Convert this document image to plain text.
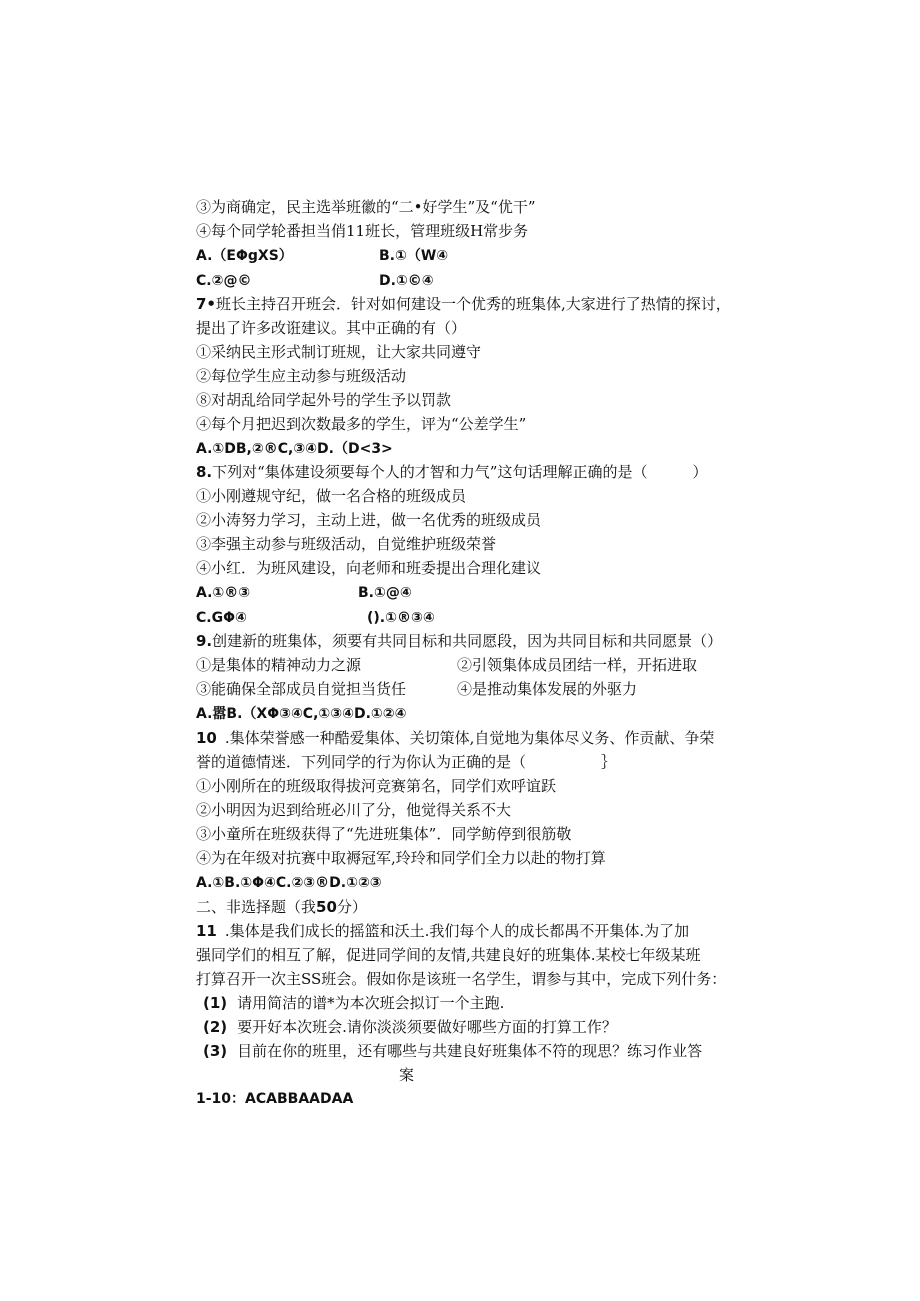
③为商确定，民主选举班徽的“二•好学生”及“优干”
④每个同学轮番担当俏11班长，管理班级H常步务
A.（EΦgXS）	B.①（W④
C.②@©	D.①©④
7•班长主持召开班会．针对如何建设一个优秀的班集体,大家进行了热情的探讨，
提出了许多改诳建议。其中正确的有（）
①采纳民主形式制订班规，让大家共同遵守
②每位学生应主动参与班级活动
⑧对胡乱给同学起外号的学生予以罚款
④每个月把迟到次数最多的学生，评为“公差学生”
A.①DB,②®C,③④D.（D<3>
8.下列对“集体建设须要每个人的才智和力气”这句话理解正确的是（　　　）
①小刚遵规守纪，做一名合格的班级成员
②小涛努力学习，主动上进，做一名优秀的班级成员
③李强主动参与班级活动，自觉维护班级荣誉
④小红．为班风建设，向老师和班委提出合理化建议
A.①®③	B.①@④
C.GΦ④	().①®③④
9.创建新的班集体，须要有共同目标和共同愿段，因为共同目标和共同愿景（）
①是集体的精神动力之源	②引领集体成员团结一样，开拓进取
③能确保全部成员自觉担当货任	④是推动集体发展的外驱力
A.嚣B.（XΦ③④C,①③④D.①②④
10 .集体荣誉感一种酷爱集体、关切策体,自觉地为集体尽义务、作贡献、争荣
誉的道德情迷．下列同学的行为你认为正确的是（　　　　　｝
①小刚所在的班级取得拔河竞赛第名，同学们欢呼谊跃
②小明因为迟到给班必川了分，他觉得关系不大
③小童所在班级获得了“先进班集体”．同学鲂停到很筋敬
④为在年级对抗赛中取褥冠军,玲玲和同学们全力以赴的物打算
A.①B.①Φ④C.②③®D.①②③
二、非选择题（我50分）
11 .集体是我们成长的摇篮和沃土.我们每个人的成长都禺不开集体.为了加
强同学们的相互了解，促进同学间的友情,共建良好的班集体.某校七年级某班
打算召开一次主SS班会。假如你是该班一名学生，谓参与其中，完成下列什务：
(1) 请用简洁的谱*为本次班会拟订一个主跑.
(2) 要开好本次班会.请你淡淡须要做好哪些方面的打算工作？
(3) 目前在你的班里，还有哪些与共建良好班集体不符的现思？练习作业答
案
1-10：ACABBAADAA
